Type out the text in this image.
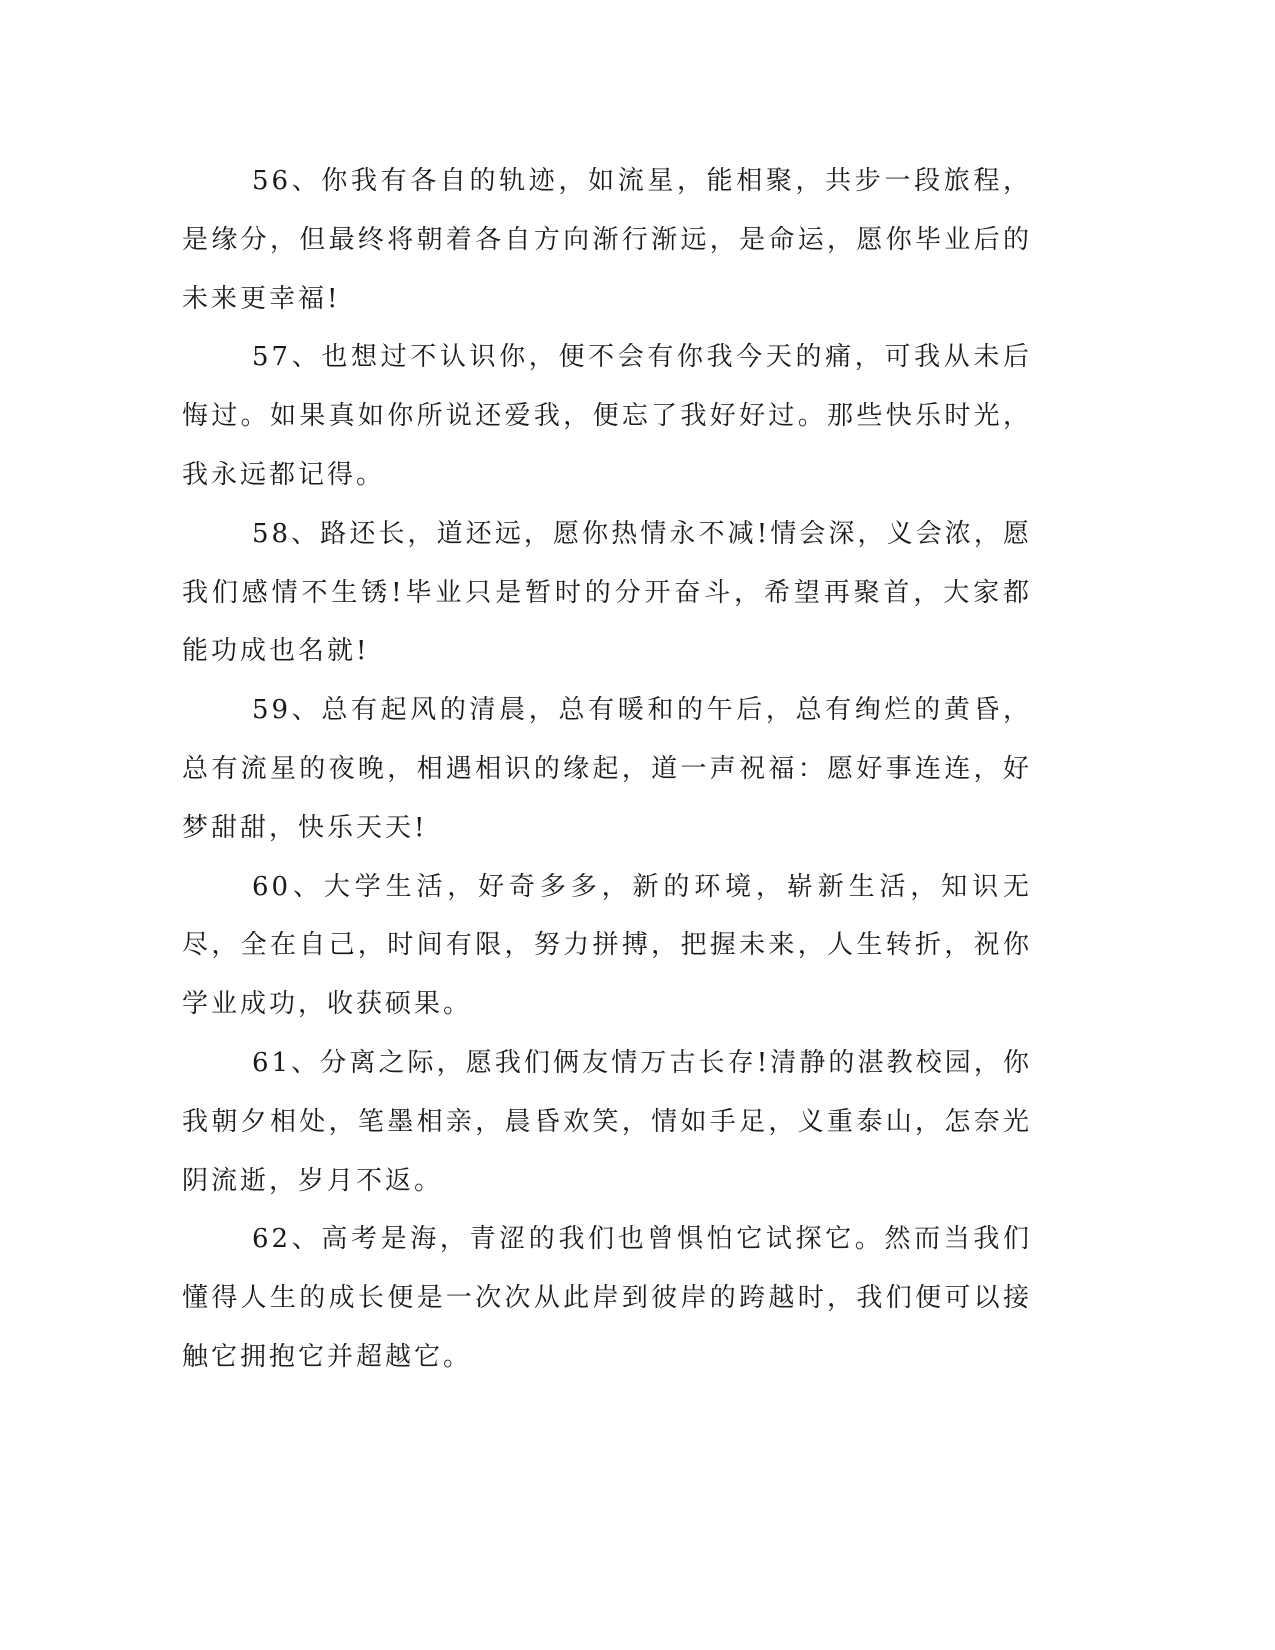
56、你我有各自的轨迹，如流星，能相聚，共步一段旅程，是缘分，但最终将朝着各自方向渐行渐远，是命运，愿你毕业后的未来更幸福!

57、也想过不认识你，便不会有你我今天的痛，可我从未后悔过。如果真如你所说还爱我，便忘了我好好过。那些快乐时光，我永远都记得。

58、路还长，道还远，愿你热情永不减!情会深，义会浓，愿我们感情不生锈!毕业只是暂时的分开奋斗，希望再聚首，大家都能功成也名就!

59、总有起风的清晨，总有暖和的午后，总有绚烂的黄昏，总有流星的夜晚，相遇相识的缘起，道一声祝福：愿好事连连，好梦甜甜，快乐天天!

60、大学生活，好奇多多，新的环境，崭新生活，知识无尽，全在自己，时间有限，努力拼搏，把握未来，人生转折，祝你学业成功，收获硕果。

61、分离之际，愿我们俩友情万古长存!清静的湛教校园，你我朝夕相处，笔墨相亲，晨昏欢笑，情如手足，义重泰山，怎奈光阴流逝，岁月不返。

62、高考是海，青涩的我们也曾惧怕它试探它。然而当我们懂得人生的成长便是一次次从此岸到彼岸的跨越时，我们便可以接触它拥抱它并超越它。
